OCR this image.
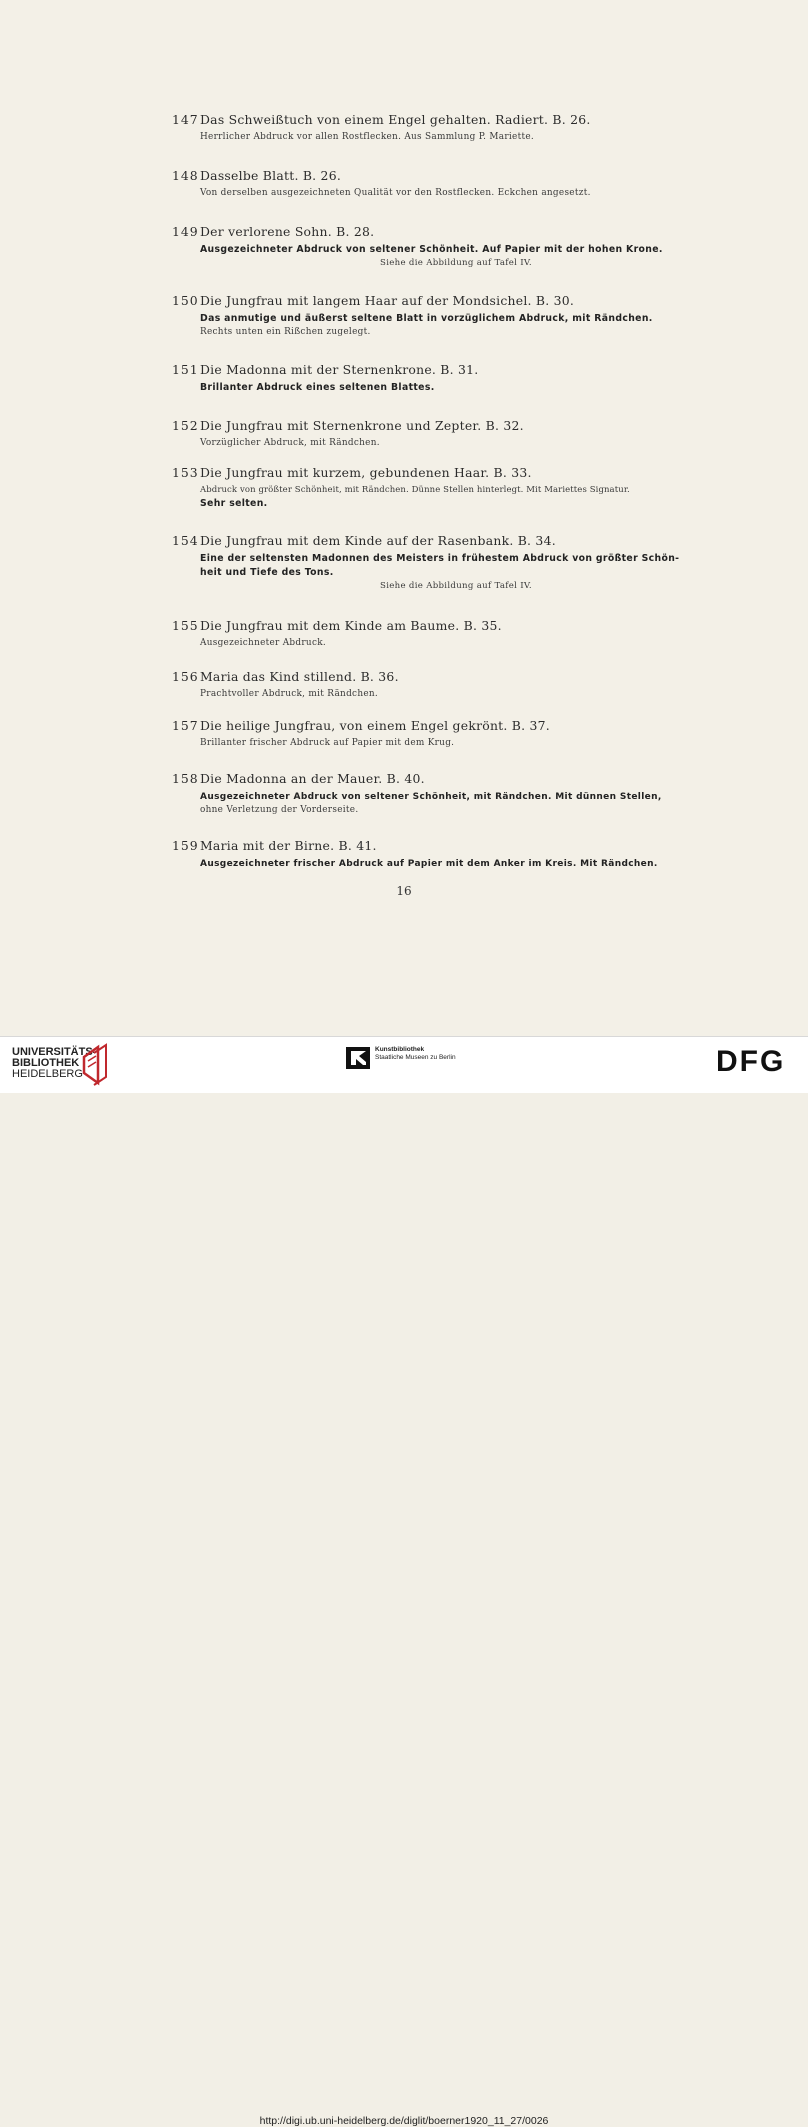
147Das Schweißtuch von einem Engel gehalten. Radiert. B. 26.
Herrlicher Abdruck vor allen Rostflecken. Aus Sammlung P. Mariette.
148Dasselbe Blatt. B. 26.
Von derselben ausgezeichneten Qualität vor den Rostflecken. Eckchen angesetzt.
149Der verlorene Sohn. B. 28.
Ausgezeichneter Abdruck von seltener Schönheit. Auf Papier mit der hohen Krone.
Siehe die Abbildung auf Tafel IV.
150Die Jungfrau mit langem Haar auf der Mondsichel. B. 30.
Das anmutige und äußerst seltene Blatt in vorzüglichem Abdruck, mit Rändchen.
Rechts unten ein Rißchen zugelegt.
151Die Madonna mit der Sternenkrone. B. 31.
Brillanter Abdruck eines seltenen Blattes.
152Die Jungfrau mit Sternenkrone und Zepter. B. 32.
Vorzüglicher Abdruck, mit Rändchen.
153Die Jungfrau mit kurzem, gebundenen Haar. B. 33.
Abdruck von größter Schönheit, mit Rändchen. Dünne Stellen hinterlegt. Mit Mariettes Signatur.
Sehr selten.
154Die Jungfrau mit dem Kinde auf der Rasenbank. B. 34.
Eine der seltensten Madonnen des Meisters in frühestem Abdruck von größter Schön-
heit und Tiefe des Tons.
Siehe die Abbildung auf Tafel IV.
155Die Jungfrau mit dem Kinde am Baume. B. 35.
Ausgezeichneter Abdruck.
156Maria das Kind stillend. B. 36.
Prachtvoller Abdruck, mit Rändchen.
157Die heilige Jungfrau, von einem Engel gekrönt. B. 37.
Brillanter frischer Abdruck auf Papier mit dem Krug.
158Die Madonna an der Mauer. B. 40.
Ausgezeichneter Abdruck von seltener Schönheit, mit Rändchen. Mit dünnen Stellen,
ohne Verletzung der Vorderseite.
159Maria mit der Birne. B. 41.
Ausgezeichneter frischer Abdruck auf Papier mit dem Anker im Kreis. Mit Rändchen.
16
UNIVERSITÄTS-
BIBLIOTHEK
HEIDELBERG
Kunstbibliothek
Staatliche Museen zu Berlin	DFG
http://digi.ub.uni-heidelberg.de/diglit/boerner1920_11_27/0026
